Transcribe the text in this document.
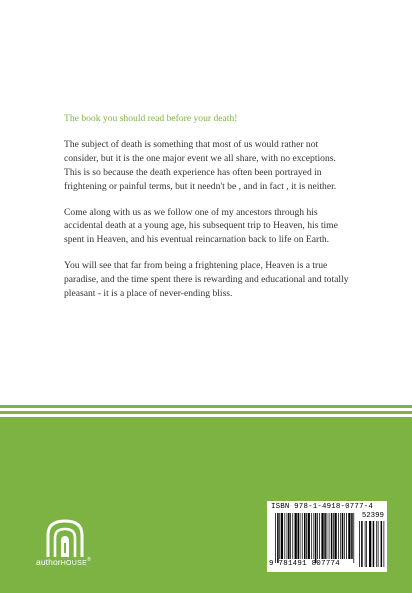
The book you should read before your death!

The subject of death is something that most of us would rather not consider, but it is the one major event we all share, with no exceptions. This is so because the death experience has often been portrayed in frightening or painful terms, but it needn't be , and in fact , it is neither.

Come along with us as we follow one of my ancestors through his accidental death at a young age, his subsequent trip to Heaven, his time spent in Heaven, and his eventual reincarnation back to life on Earth.

You will see that far from being a frightening place, Heaven is a true paradise, and the time spent there is rewarding and educational and totally pleasant - it is a place of never-ending bliss.

authorHOUSE®
ISBN 978-1-4918-0777-4
52399
9 781491 807774
